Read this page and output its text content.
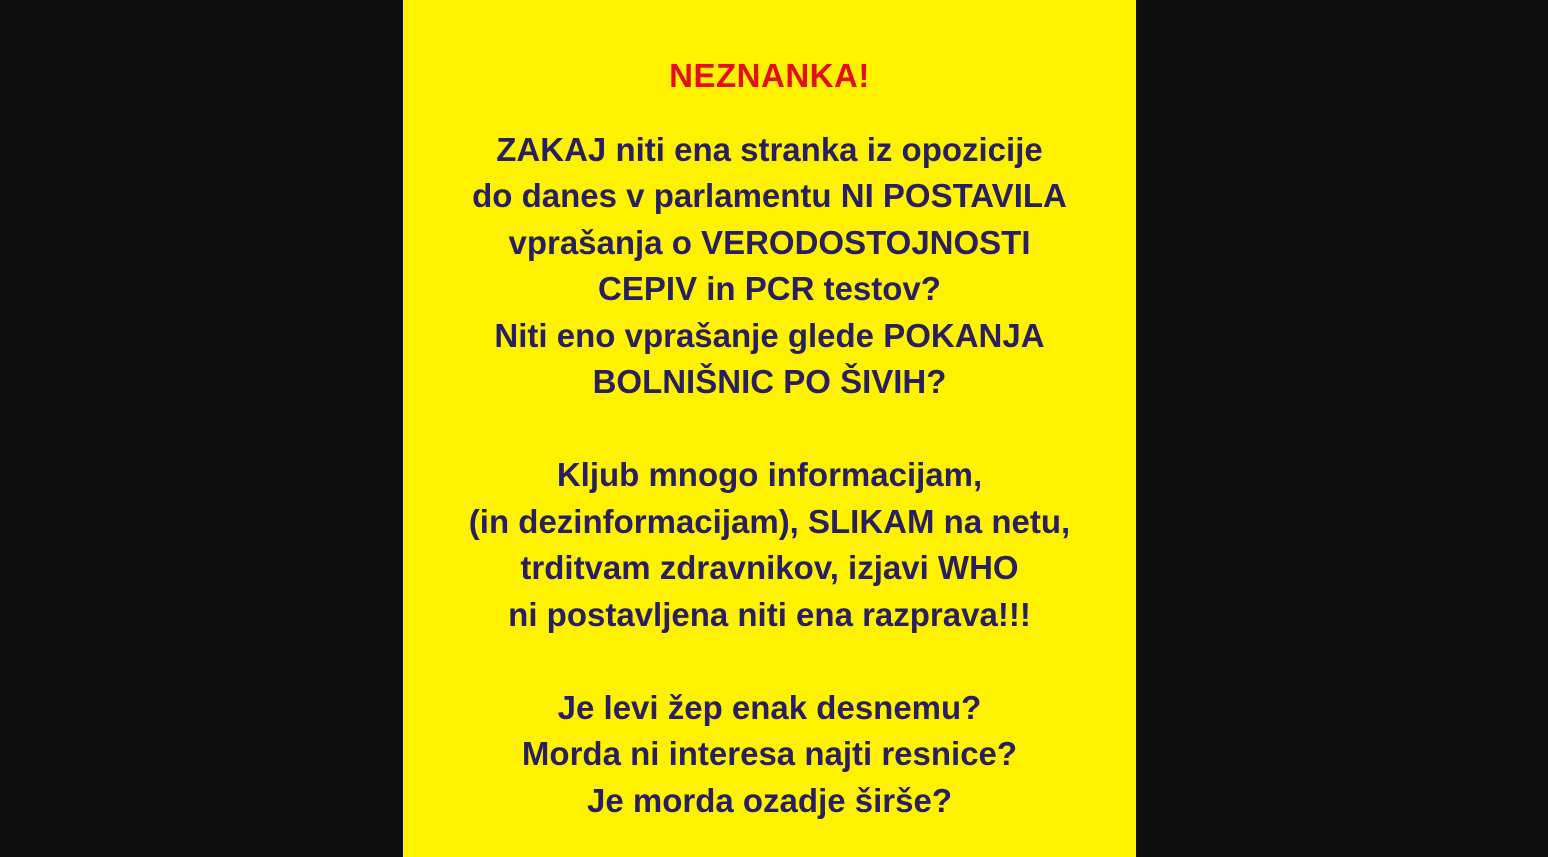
NEZNANKA!
ZAKAJ niti ena stranka iz opozicije
do danes v parlamentu NI POSTAVILA
vprašanja o VERODOSTOJNOSTI
CEPIV in PCR testov?
Niti eno vprašanje glede POKANJA
BOLNIŠNIC PO ŠIVIH?
Kljub mnogo informacijam,
(in dezinformacijam), SLIKAM na netu,
trditvam zdravnikov, izjavi WHO
ni postavljena niti ena razprava!!!
Je levi žep enak desnemu?
Morda ni interesa najti resnice?
Je morda ozadje širše?
